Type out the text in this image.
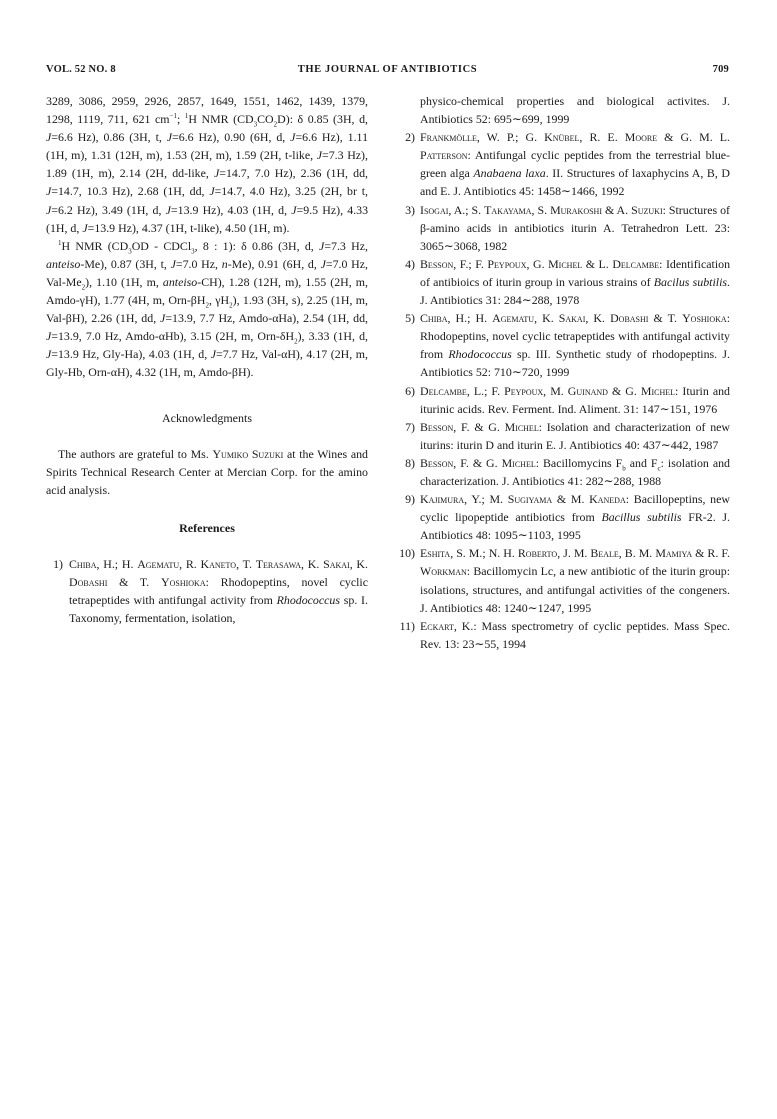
VOL. 52 NO. 8	THE JOURNAL OF ANTIBIOTICS	709

3289, 3086, 2959, 2926, 2857, 1649, 1551, 1462, 1439, 1379, 1298, 1119, 711, 621 $cm^{-1}$; $^1$H NMR $(CD_3CO_2D)$: δ 0.85 (3H, d, J=6.6 Hz), 0.86 (3H, t, J=6.6 Hz), 0.90 (6H, d, J=6.6 Hz), 1.11 (1H, m), 1.31 (12H, m), 1.53 (2H, m), 1.59 (2H, t-like, J=7.3 Hz), 1.89 (1H, m), 2.14 (2H, dd-like, J=14.7, 7.0 Hz), 2.36 (1H, dd, J=14.7, 10.3 Hz), 2.68 (1H, dd, J=14.7, 4.0 Hz), 3.25 (2H, br t, J=6.2 Hz), 3.49 (1H, d, J=13.9 Hz), 4.03 (1H, d, J=9.5 Hz), 4.33 (1H, d, J=13.9 Hz), 4.37 (1H, t-like), 4.50 (1H, m).

$^1$H NMR ($CD_3OD$ - CDCl$_3$, 8 : 1): δ 0.86 (3H, d, J=7.3 Hz, anteiso-Me), 0.87 (3H, t, J=7.0 Hz, n-Me), 0.91 (6H, d, J=7.0 Hz, Val-$Me_2$), 1.10 (1H, m, anteiso-CH), 1.28 (12H, m), 1.55 (2H, m, Amdo-γH), 1.77 (4H, m, Orn-$\beta H_2$, $\gamma H_2$), 1.93 (3H, s), 2.25 (1H, m, Val-βH), 2.26 (1H, dd, J=13.9, 7.7 Hz, Amdo-αHa), 2.54 (1H, dd, J=13.9, 7.0 Hz, Amdo-αHb), 3.15 (2H, m, Orn-$\delta H_2$), 3.33 (1H, d, J=13.9 Hz, Gly-Ha), 4.03 (1H, d, J=7.7 Hz, Val-αH), 4.17 (2H, m, Gly-Hb, Orn-αH), 4.32 (1H, m, Amdo-βH).

Acknowledgments

The authors are grateful to Ms. Yumiko Suzuki at the Wines and Spirits Technical Research Center at Mercian Corp. for the amino acid analysis.

References

1) Chiba, H.; H. Agematu, R. Kaneto, T. Terasawa, K. Sakai, K. Dobashi & T. Yoshioka: Rhodopeptins, novel cyclic tetrapeptides with antifungal activity from Rhodococcus sp. I. Taxonomy, fermentation, isolation,

physico-chemical properties and biological activites. J. Antibiotics 52: 695∼699, 1999

2) Frankmölle, W. P.; G. Knübel, R. E. Moore & G. M. L. Patterson: Antifungal cyclic peptides from the terrestrial blue-green alga Anabaena laxa. II. Structures of laxaphycins A, B, D and E. J. Antibiotics 45: 1458∼1466, 1992

3) Isogai, A.; S. Takayama, S. Murakoshi & A. Suzuki: Structures of β-amino acids in antibiotics iturin A. Tetrahedron Lett. 23: 3065∼3068, 1982

4) Besson, F.; F. Peypoux, G. Michel & L. Delcambe: Identification of antibioics of iturin group in various strains of Bacilus subtilis. J. Antibiotics 31: 284∼288, 1978

5) Chiba, H.; H. Agematu, K. Sakai, K. Dobashi & T. Yoshioka: Rhodopeptins, novel cyclic tetrapeptides with antifungal activity from Rhodococcus sp. III. Synthetic study of rhodopeptins. J. Antibiotics 52: 710∼720, 1999

6) Delcambe, L.; F. Peypoux, M. Guinand & G. Michel: Iturin and iturinic acids. Rev. Ferment. Ind. Aliment. 31: 147∼151, 1976

7) Besson, F. & G. Michel: Isolation and characterization of new iturins: iturin D and iturin E. J. Antibiotics 40: 437∼442, 1987

8) Besson, F. & G. Michel: Bacillomycins $F_b$ and $F_c$: isolation and characterization. J. Antibiotics 41: 282∼288, 1988

9) Kajimura, Y.; M. Sugiyama & M. Kaneda: Bacillopeptins, new cyclic lipopeptide antibiotics from Bacillus subtilis FR-2. J. Antibiotics 48: 1095∼1103, 1995

10) Eshita, S. M.; N. H. Roberto, J. M. Beale, B. M. Mamiya & R. F. Workman: Bacillomycin Lc, a new antibiotic of the iturin group: isolations, structures, and antifungal activities of the congeners. J. Antibiotics 48: 1240∼1247, 1995

11) Eckart, K.: Mass spectrometry of cyclic peptides. Mass Spec. Rev. 13: 23∼55, 1994
